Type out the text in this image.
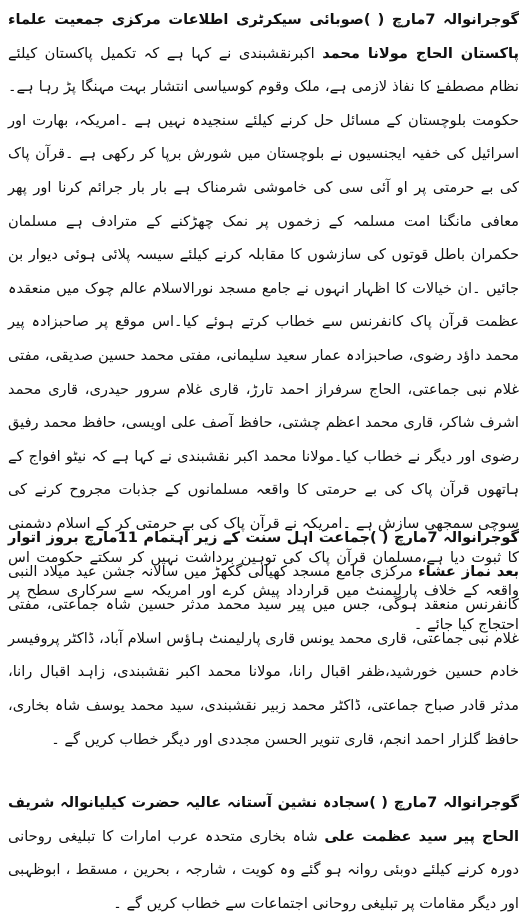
گوجرانوالہ 7مارچ ( )صوبائی سیکرٹری اطلاعات مرکزی جمعیت علماء پاکستان الحاج مولانا محمد اکبرنقشبندی نے کہا ہے کہ تکمیل پاکستان کیلئے نظام مصطفےٰ کا نفاذ لازمی ہے، ملک وقوم کوسیاسی انتشار بہت مہنگا پڑ رہا ہے۔حکومت بلوچستان کے مسائل حل کرنے کیلئے سنجیدہ نہیں ہے ۔امریکہ، بھارت اور اسرائیل کی خفیہ ایجنسیوں نے بلوچستان میں شورش برپا کر رکھی ہے ۔قرآن پاک کی بے حرمتی پر او آئی سی کی خاموشی شرمناک ہے بار بار جرائم کرنا اور پھر معافی مانگنا امت مسلمہ کے زخموں پر نمک چھڑکنے کے مترادف ہے مسلمان حکمران باطل قوتوں کی سازشوں کا مقابلہ کرنے کیلئے سیسہ پلائی ہوئی دیوار بن جائیں ۔ان خیالات کا اظہار انہوں نے جامع مسجد نورالاسلام عالم چوک میں منعقدہ عظمت قرآن پاک کانفرنس سے خطاب کرتے ہوئے کیا۔اس موقع پر صاحبزادہ پیر محمد داؤد رضوی، صاحبزادہ عمار سعید سلیمانی، مفتی محمد حسین صدیقی، مفتی غلام نبی جماعتی، الحاج سرفراز احمد تارڑ، قاری غلام سرور حیدری، قاری محمد اشرف شاکر، قاری محمد اعظم چشتی، حافظ آصف علی اویسی، حافظ محمد رفیق رضوی اور دیگر نے خطاب کیا۔مولانا محمد اکبر نقشبندی نے کہا ہے کہ نیٹو افواج کے ہاتھوں قرآن پاک کی بے حرمتی کا واقعہ مسلمانوں کے جذبات مجروح کرنے کی سوچی سمجھی سازش ہے ۔امریکہ نے قرآن پاک کی بے حرمتی کر کے اسلام دشمنی کا ثبوت دیا ہے،مسلمان قرآن پاک کی توہین برداشت نہیں کر سکتے حکومت اس واقعہ کے خلاف پارلیمنٹ میں قرارداد پیش کرے اور امریکہ سے سرکاری سطح پر احتجاج کیا جائے ۔
گوجرانوالہ 7مارچ ( )جماعت اہل سنت کے زیر اہتمام 11مارچ بروز اتوار بعد نماز عشاء مرکزی جامع مسجد کھیالی گکھڑ میں سالانہ جشن عید میلاد النبی کانفرنس منعقد ہوگی، جس میں پیر سید محمد مدثر حسین شاہ جماعتی، مفتی غلام نبی جماعتی، قاری محمد یونس قاری پارلیمنٹ ہاؤس اسلام آباد، ڈاکٹر پروفیسر خادم حسین خورشید،ظفر اقبال رانا، مولانا محمد اکبر نقشبندی، زاہد اقبال رانا، مدثر قادر صباح جماعتی، ڈاکٹر محمد زبیر نقشبندی، سید محمد یوسف شاہ بخاری، حافظ گلزار احمد انجم، قاری تنویر الحسن مجددی اور دیگر خطاب کریں گے ۔
گوجرانوالہ 7مارچ ( )سجادہ نشین آستانہ عالیہ حضرت کیلیانوالہ شریف الحاج پیر سید عظمت علی شاہ بخاری متحدہ عرب امارات کا تبلیغی روحانی دورہ کرنے کیلئے دوبئی روانہ ہو گئے وہ کویت ، شارجہ ، بحرین ، مسقط ، ابوظہبی اور دیگر مقامات پر تبلیغی روحانی اجتماعات سے خطاب کریں گے ۔
